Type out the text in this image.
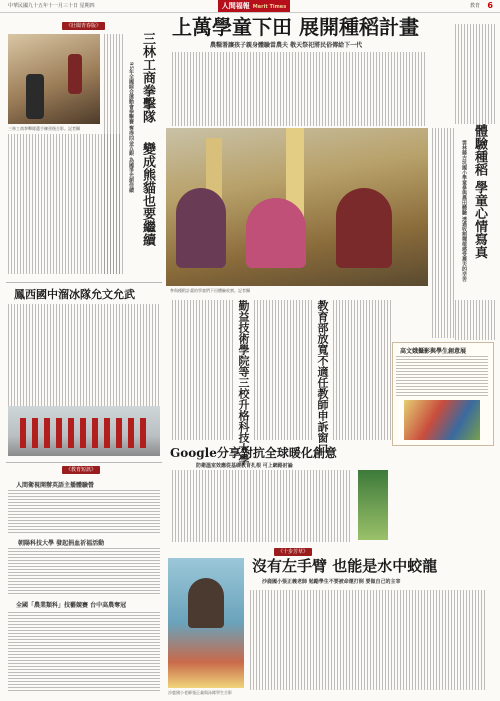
中華民國九十五年十一月三十日 星期四	教育 6
人間福報 Merit Times
《壯闊青春版》
三林工商拳擊隊選手練習後合影。記者攝
三林工商拳擊隊
變成熊貓也要繼續
95年全國綜合運動會拳擊賽 奪得四金五銀 為國爭光創佳績
鳳西國中溜冰隊允文允武
《教育短訊》
人間衛視開辦英語主播體驗營
朝陽科技大學 發起捐血祈福活動
全國「農業類科」技藝競賽 台中高農奪冠
上萬學童下田 展開種稻計畫
農糧署讓孩子親身體驗當農夫 敬天祭祀將民俗傳給下一代
參與種稻計畫的學童們下田體驗收割。記者攝
教育部放寬不適任教師申訴窗口
勤益技術學院等三校升格科技大學	高文娥攝影與學生創意展
Google分享對抗全球暖化創意
防衛溫室效應從基礎教育扎根 可上網路討論
體驗種稻 學童心情寫真
雲林縣古坑國小學童參與農田體驗 透過收割種植感受農夫的辛苦
《十步芳草》
沒有左手臂 也能是水中蛟龍
沙鹿國小張正義老師 勉勵學生不要被命運打倒 要做自己的主宰
沙鹿國小老師張正義與泳隊學生合影
